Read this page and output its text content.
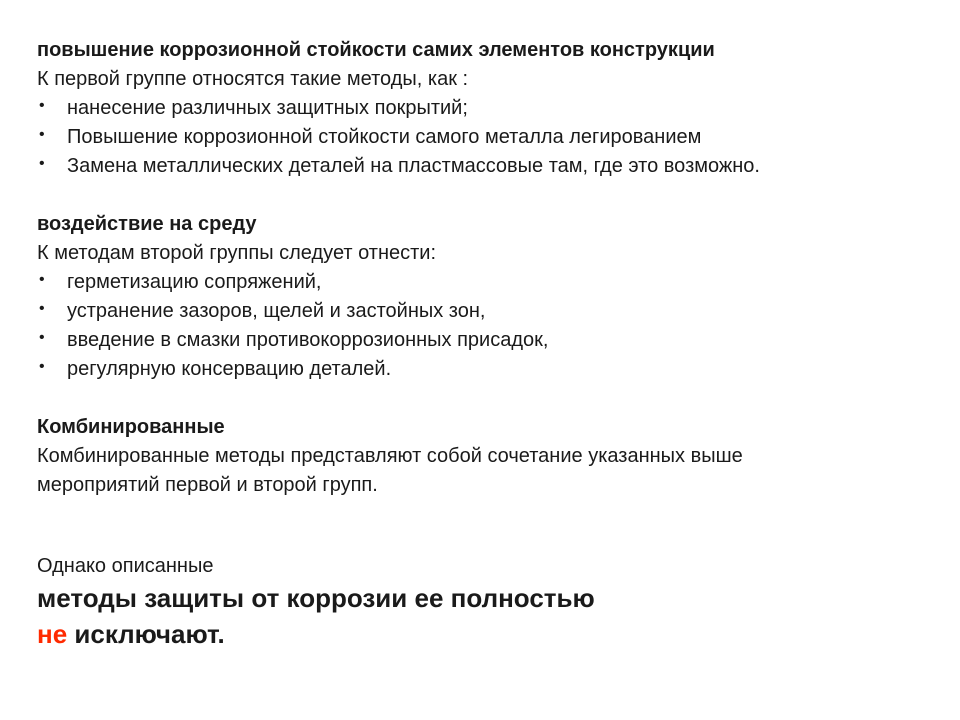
повышение коррозионной стойкости самих элементов конструкции
К первой группе относятся такие методы, как :
• нанесение различных защитных покрытий;
• Повышение коррозионной стойкости самого металла легированием
• Замена металлических деталей на пластмассовые там, где это возможно.
воздействие на среду
К методам второй группы следует отнести:
• герметизацию сопряжений,
• устранение зазоров, щелей и застойных зон,
• введение в смазки противокоррозионных присадок,
• регулярную консервацию деталей.
Комбинированные
Комбинированные методы представляют собой сочетание указанных выше
мероприятий первой и второй групп.
Однако описанные
методы защиты от коррозии ее полностью
не исключают.
